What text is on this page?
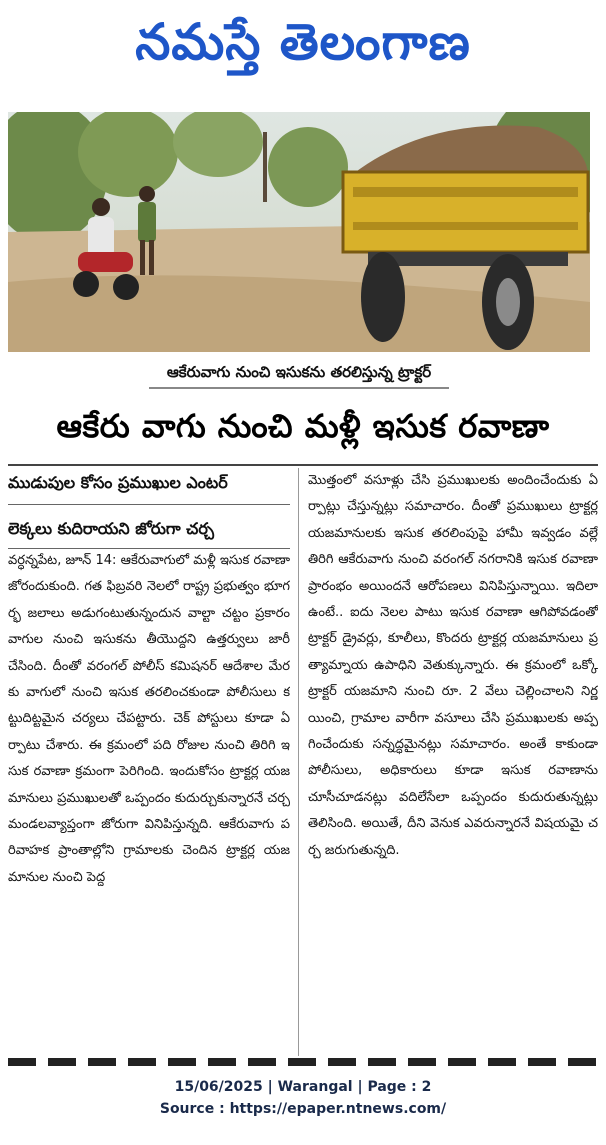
నమస్తే తెలంగాణ
ఆకేరువాగు నుంచి ఇసుకను తరలిస్తున్న ట్రాక్టర్
ఆకేరు వాగు నుంచి మళ్లీ ఇసుక రవాణా
ముడుపుల కోసం ప్రముఖుల ఎంటర్
లెక్కలు కుదిరాయని జోరుగా చర్చ
వర్ధన్నపేట, జూన్ 14: ఆకేరువాగులో మళ్లీ ఇసుక రవాణా జోరందుకుంది. గత ఫిబ్రవరి నెలలో రాష్ట్ర ప్రభుత్వం భూగర్భ జలాలు అడుగంటుతున్నందున వాల్టా చట్టం ప్రకారం వాగుల నుంచి ఇసుకను తీయొద్దని ఉత్తర్వులు జారీ చేసింది. దీంతో వరంగల్ పోలీస్ కమిషనర్ ఆదేశాల మేరకు వాగులో నుంచి ఇసుక తరలించకుండా పోలీసులు కట్టుదిట్టమైన చర్యలు చేపట్టారు. చెక్ పోస్టులు కూడా ఏర్పాటు చేశారు. ఈ క్రమంలో పది రోజుల నుంచి తిరిగి ఇసుక రవాణా క్రమంగా పెరిగింది. ఇందుకోసం ట్రాక్టర్ల యజమానులు ప్రముఖులతో ఒప్పందం కుదుర్చుకున్నారనే చర్చ మండలవ్యాప్తంగా జోరుగా వినిపిస్తున్నది. ఆకేరువాగు పరివాహక ప్రాంతాల్లోని గ్రామాలకు చెందిన ట్రాక్టర్ల యజమానుల నుంచి పెద్ద
మొత్తంలో వసూళ్లు చేసి ప్రముఖులకు అందించేందుకు ఏర్పాట్లు చేస్తున్నట్లు సమాచారం. దీంతో ప్రముఖులు ట్రాక్టర్ల యజమానులకు ఇసుక తరలింపుపై హామీ ఇవ్వడం వల్లే తిరిగి ఆకేరువాగు నుంచి వరంగల్ నగరానికి ఇసుక రవాణా ప్రారంభం అయిందనే ఆరోపణలు వినిపిస్తున్నాయి. ఇదిలా ఉంటే.. ఐదు నెలల పాటు ఇసుక రవాణా ఆగిపోవడంతో ట్రాక్టర్ డ్రైవర్లు, కూలీలు, కొందరు ట్రాక్టర్ల యజమానులు ప్రత్యామ్నాయ ఉపాధిని వెతుక్కున్నారు. ఈ క్రమంలో ఒక్కో ట్రాక్టర్ యజమాని నుంచి రూ. 2 వేలు చెల్లించాలని నిర్ణయించి, గ్రామాల వారీగా వసూలు చేసి ప్రముఖులకు అప్పగించేందుకు సన్నద్ధమైనట్లు సమాచారం. అంతే కాకుండా పోలీసులు, అధికారులు కూడా ఇసుక రవాణాను చూసీచూడనట్లు వదిలేసేలా ఒప్పందం కుదురుతున్నట్లు తెలిసింది. అయితే, దీని వెనుక ఎవరున్నారనే విషయమై చర్చ జరుగుతున్నది.
15/06/2025 | Warangal | Page : 2
Source : https://epaper.ntnews.com/
